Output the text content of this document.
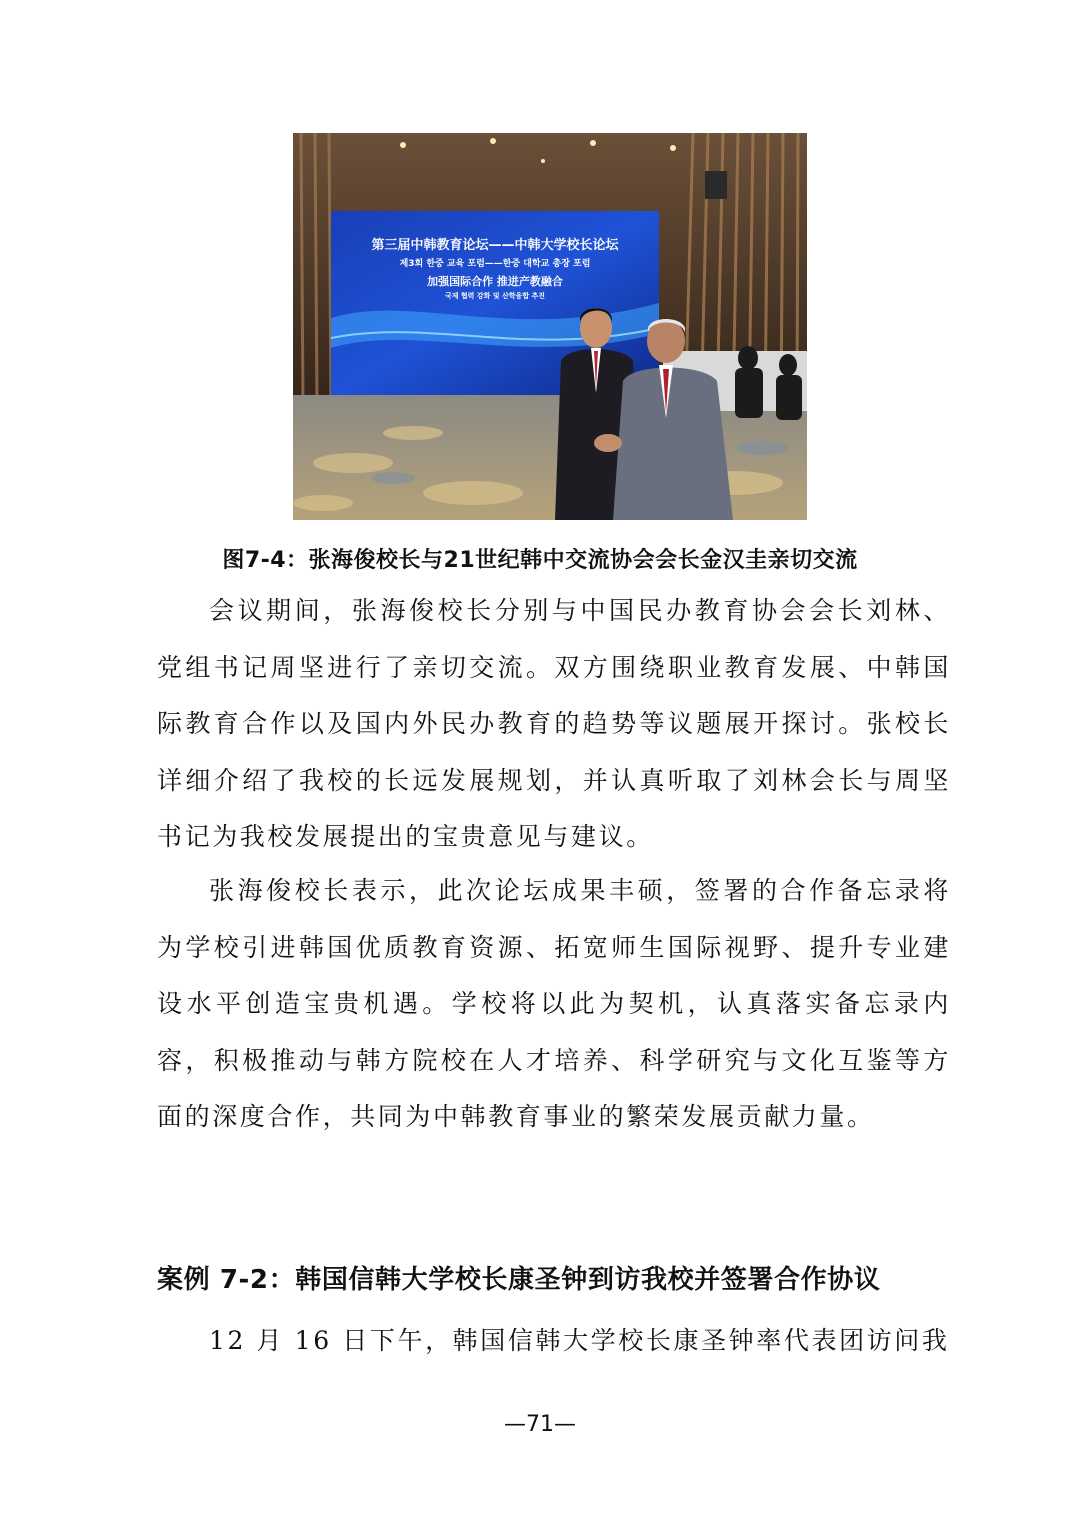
第三届中韩教育论坛——中韩大学校长论坛
제3회 한중 교육 포럼——한중 대학교 총장 포럼
加强国际合作 推进产教融合
국제 협력 강화 및 산학융합 추진
图7-4：张海俊校长与21世纪韩中交流协会会长金汉圭亲切交流

会议期间，张海俊校长分别与中国民办教育协会会长刘林、党组书记周坚进行了亲切交流。双方围绕职业教育发展、中韩国际教育合作以及国内外民办教育的趋势等议题展开探讨。张校长详细介绍了我校的长远发展规划，并认真听取了刘林会长与周坚书记为我校发展提出的宝贵意见与建议。

张海俊校长表示，此次论坛成果丰硕，签署的合作备忘录将为学校引进韩国优质教育资源、拓宽师生国际视野、提升专业建设水平创造宝贵机遇。学校将以此为契机，认真落实备忘录内容，积极推动与韩方院校在人才培养、科学研究与文化互鉴等方面的深度合作，共同为中韩教育事业的繁荣发展贡献力量。

案例 7-2：韩国信韩大学校长康圣钟到访我校并签署合作协议

12 月 16 日下午，韩国信韩大学校长康圣钟率代表团访问我

—71—
